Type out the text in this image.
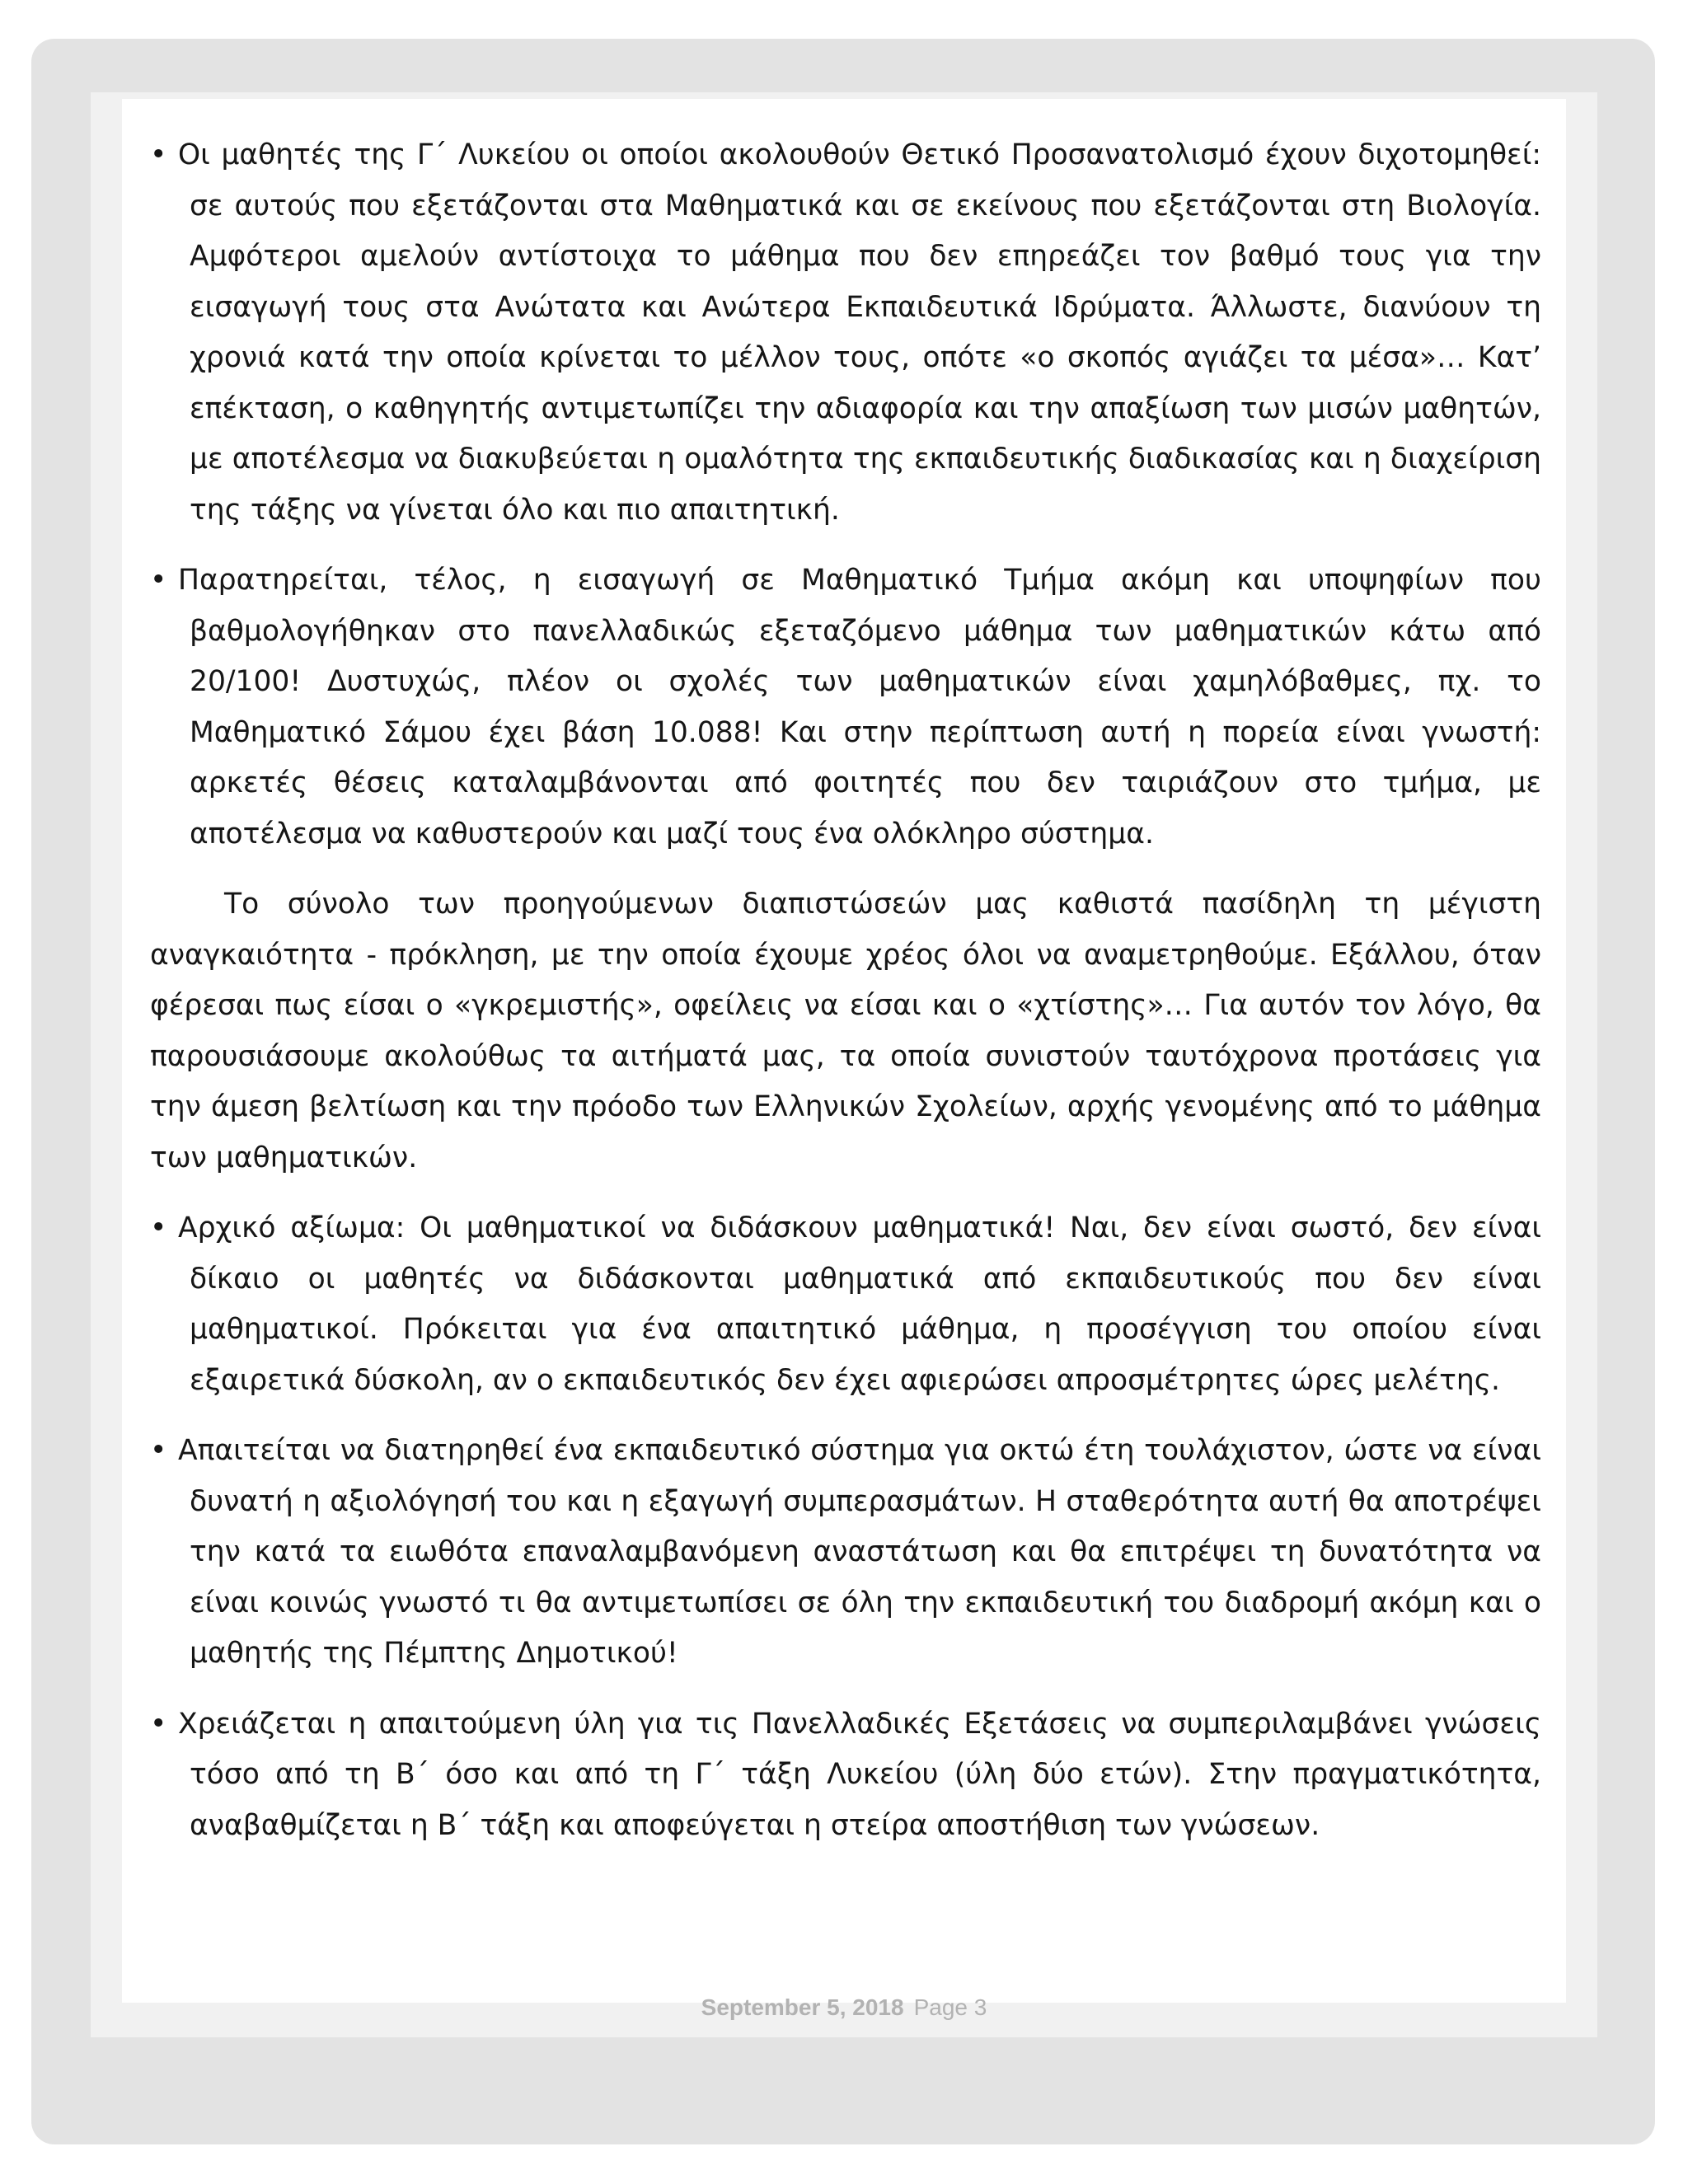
• Οι μαθητές της Γ΄ Λυκείου οι οποίοι ακολουθούν Θετικό Προσανατολισμό έχουν διχοτομηθεί: σε αυτούς που εξετάζονται στα Μαθηματικά και σε εκείνους που εξετάζονται στη Βιολογία. Αμφότεροι αμελούν αντίστοιχα το μάθημα που δεν επηρεάζει τον βαθμό τους για την εισαγωγή τους στα Ανώτατα και Ανώτερα Εκπαιδευτικά Ιδρύματα. Άλλωστε, διανύουν τη χρονιά κατά την οποία κρίνεται το μέλλον τους, οπότε «ο σκοπός αγιάζει τα μέσα»… Κατ’ επέκταση, ο καθηγητής αντιμετωπίζει την αδιαφορία και την απαξίωση των μισών μαθητών, με αποτέλεσμα να διακυβεύεται η ομαλότητα της εκπαιδευτικής διαδικασίας και η διαχείριση της τάξης να γίνεται όλο και πιο απαιτητική.
• Παρατηρείται, τέλος, η εισαγωγή σε Μαθηματικό Τμήμα ακόμη και υποψηφίων που βαθμολογήθηκαν στο πανελλαδικώς εξεταζόμενο μάθημα των μαθηματικών κάτω από 20/100! Δυστυχώς, πλέον οι σχολές των μαθηματικών είναι χαμηλόβαθμες, πχ. το Μαθηματικό Σάμου έχει βάση 10.088! Και στην περίπτωση αυτή η πορεία είναι γνωστή: αρκετές θέσεις καταλαμβάνονται από φοιτητές που δεν ταιριάζουν στο τμήμα, με αποτέλεσμα να καθυστερούν και μαζί τους ένα ολόκληρο σύστημα.

Το σύνολο των προηγούμενων διαπιστώσεών μας καθιστά πασίδηλη τη μέγιστη αναγκαιότητα - πρόκληση, με την οποία έχουμε χρέος όλοι να αναμετρηθούμε. Εξάλλου, όταν φέρεσαι πως είσαι ο «γκρεμιστής», οφείλεις να είσαι και ο «χτίστης»… Για αυτόν τον λόγο, θα παρουσιάσουμε ακολούθως τα αιτήματά μας, τα οποία συνιστούν ταυτόχρονα προτάσεις για την άμεση βελτίωση και την πρόοδο των Ελληνικών Σχολείων, αρχής γενομένης από το μάθημα των μαθηματικών.

• Αρχικό αξίωμα: Οι μαθηματικοί να διδάσκουν μαθηματικά! Ναι, δεν είναι σωστό, δεν είναι δίκαιο οι μαθητές να διδάσκονται μαθηματικά από εκπαιδευτικούς που δεν είναι μαθηματικοί. Πρόκειται για ένα απαιτητικό μάθημα, η προσέγγιση του οποίου είναι εξαιρετικά δύσκολη, αν ο εκπαιδευτικός δεν έχει αφιερώσει απροσμέτρητες ώρες μελέτης.
• Απαιτείται να διατηρηθεί ένα εκπαιδευτικό σύστημα για οκτώ έτη τουλάχιστον, ώστε να είναι δυνατή η αξιολόγησή του και η εξαγωγή συμπερασμάτων. Η σταθερότητα αυτή θα αποτρέψει την κατά τα ειωθότα επαναλαμβανόμενη αναστάτωση και θα επιτρέψει τη δυνατότητα να είναι κοινώς γνωστό τι θα αντιμετωπίσει σε όλη την εκπαιδευτική του διαδρομή ακόμη και ο μαθητής της Πέμπτης Δημοτικού!
• Χρειάζεται η απαιτούμενη ύλη για τις Πανελλαδικές Εξετάσεις να συμπεριλαμβάνει γνώσεις τόσο από τη Β΄ όσο και από τη Γ΄ τάξη Λυκείου (ύλη δύο ετών). Στην πραγματικότητα, αναβαθμίζεται η Β΄ τάξη και αποφεύγεται η στείρα αποστήθιση των γνώσεων.
September 5, 2018 Page 3
